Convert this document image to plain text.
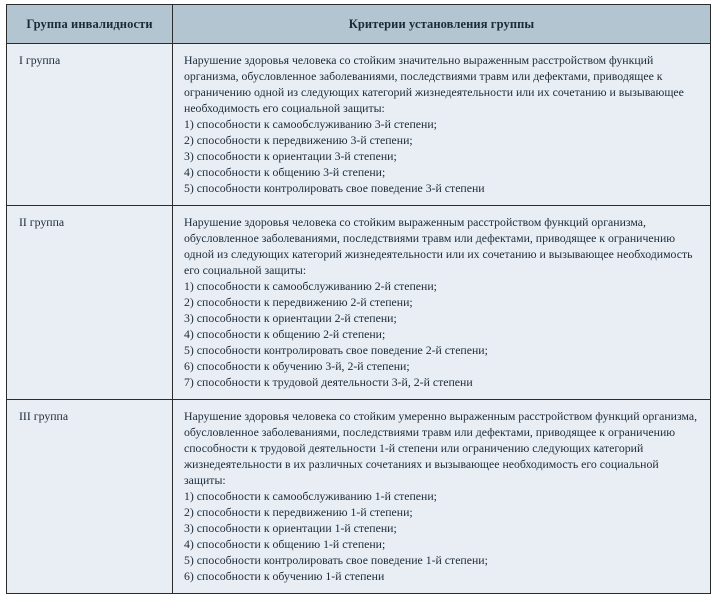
Группа инвалидности	Критерии установления группы
I группа	Нарушение здоровья человека со стойким значительно выраженным расстройством функций организма, обусловленное заболеваниями, последствиями травм или дефектами, приводящее к ограничению одной из следующих категорий жизнедеятельности или их сочетанию и вызывающее необходимость его социальной защиты:

1) способности к самообслуживанию 3-й степени;
2) способности к передвижению 3-й степени;
3) способности к ориентации 3-й степени;
4) способности к общению 3-й степени;
5) способности контролировать свое поведение 3-й степени

II группа	Нарушение здоровья человека со стойким выраженным расстройством функций организма, обусловленное заболеваниями, последствиями травм или дефектами, приводящее к ограничению одной из следующих категорий жизнедеятельности или их сочетанию и вызывающее необходимость его социальной защиты:

1) способности к самообслуживанию 2-й степени;
2) способности к передвижению 2-й степени;
3) способности к ориентации 2-й степени;
4) способности к общению 2-й степени;
5) способности контролировать свое поведение 2-й степени;
6) способности к обучению 3-й, 2-й степени;
7) способности к трудовой деятельности 3-й, 2-й степени

III группа	Нарушение здоровья человека со стойким умеренно выраженным расстройством функций организма, обусловленное заболеваниями, последствиями травм или дефектами, приводящее к ограничению способности к трудовой деятельности 1-й степени или ограничению следующих категорий жизнедеятельности в их различных сочетаниях и вызывающее необходимость его социальной защиты:

1) способности к самообслуживанию 1-й степени;
2) способности к передвижению 1-й степени;
3) способности к ориентации 1-й степени;
4) способности к общению 1-й степени;
5) способности контролировать свое поведение 1-й степени;
6) способности к обучению 1-й степени
